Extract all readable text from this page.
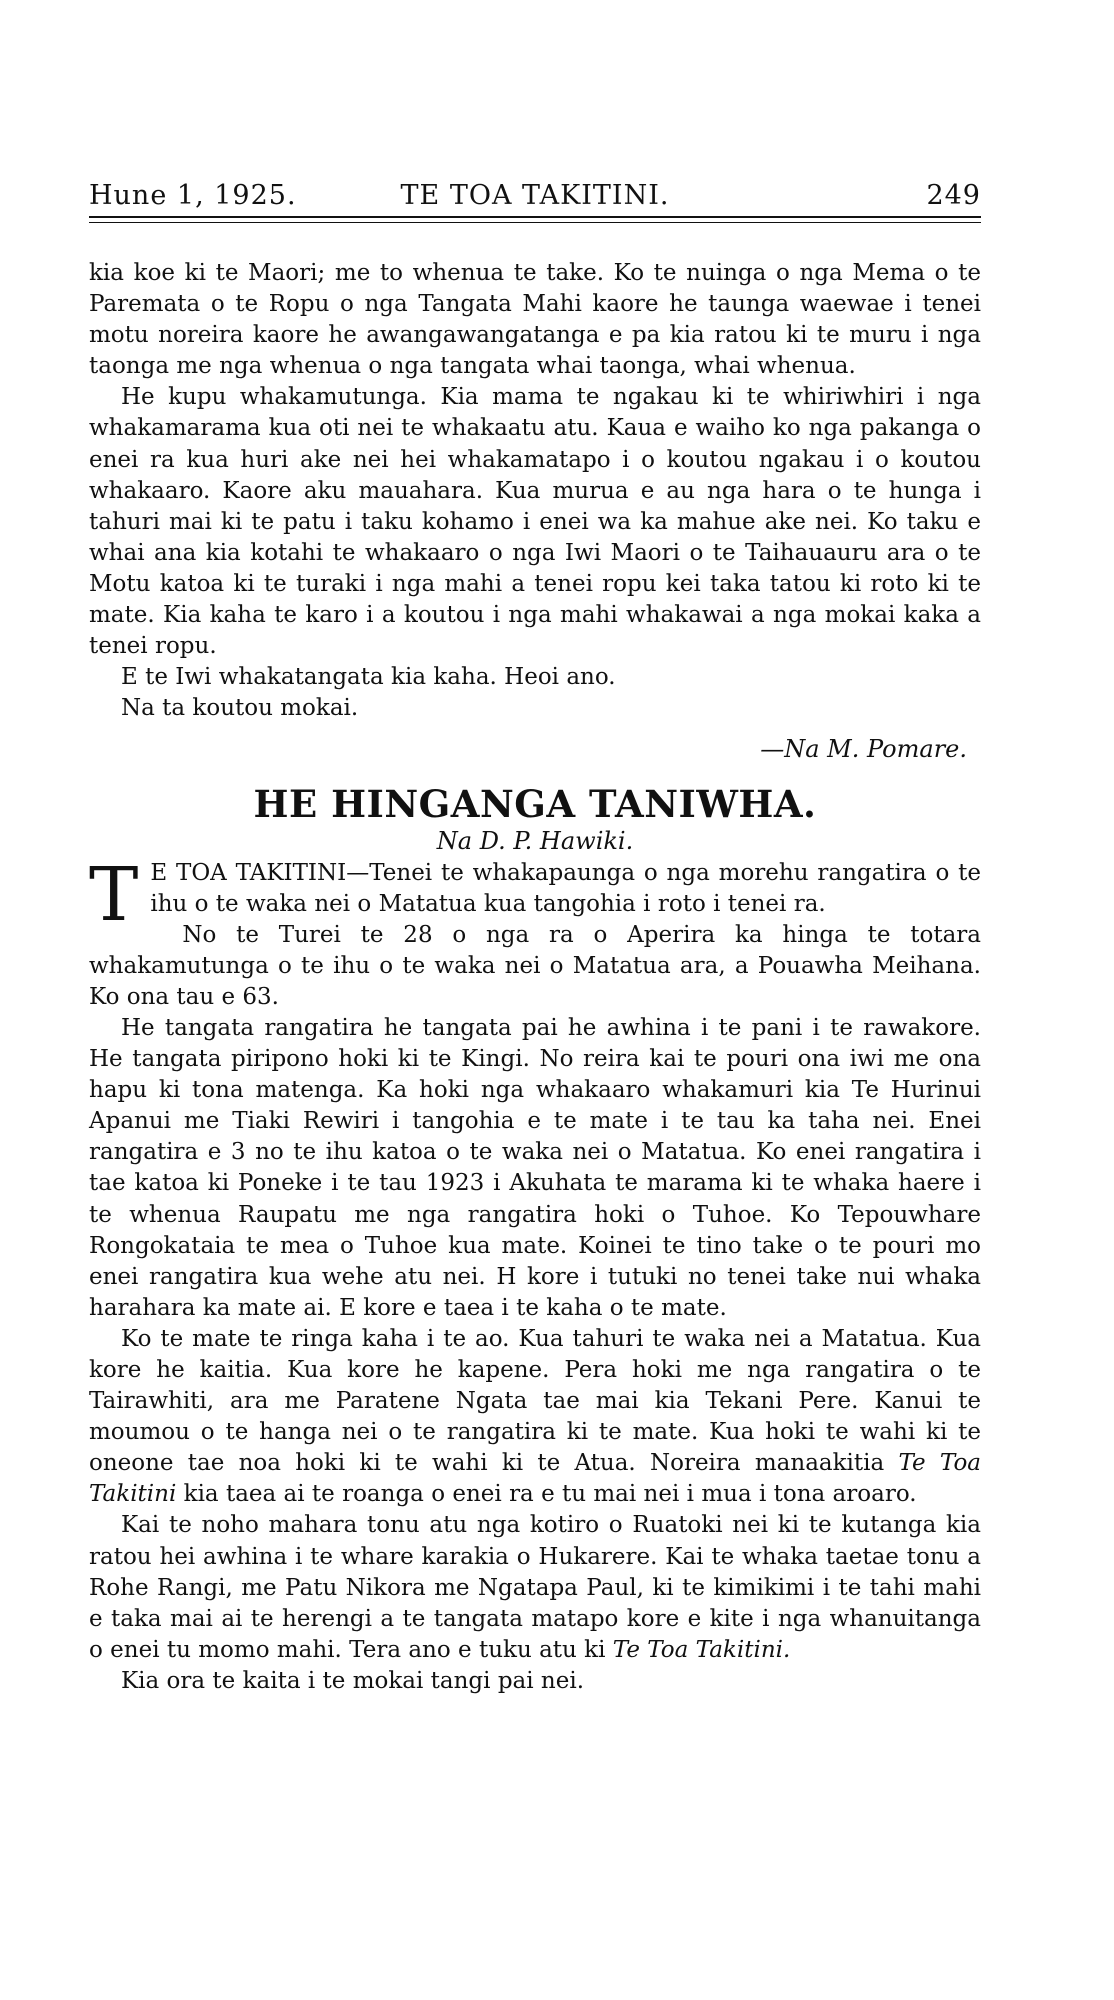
Hune 1, 1925.	TE TOA TAKITINI.	249

kia koe ki te Maori; me to whenua te take. Ko te nuinga o nga Mema o te Paremata o te Ropu o nga Tangata Mahi kaore he taunga waewae i tenei motu noreira kaore he awangawangatanga e pa kia ratou ki te muru i nga taonga me nga whenua o nga tangata whai taonga, whai whenua.

He kupu whakamutunga. Kia mama te ngakau ki te whiriwhiri i nga whakamarama kua oti nei te whakaatu atu. Kaua e waiho ko nga pakanga o enei ra kua huri ake nei hei whakamatapo i o koutou ngakau i o koutou whakaaro. Kaore aku mauahara. Kua murua e au nga hara o te hunga i tahuri mai ki te patu i taku kohamo i enei wa ka mahue ake nei. Ko taku e whai ana kia kotahi te whakaaro o nga Iwi Maori o te Taihauauru ara o te Motu katoa ki te turaki i nga mahi a tenei ropu kei taka tatou ki roto ki te mate. Kia kaha te karo i a koutou i nga mahi whakawai a nga mokai kaka a tenei ropu.

E te Iwi whakatangata kia kaha. Heoi ano.

Na ta koutou mokai.

—Na M. Pomare.

HE HINGANGA TANIWHA.

Na D. P. Hawiki.

T E TOA TAKITINI—Tenei te whakapaunga o nga morehu rangatira o te ihu o te waka nei o Matatua kua tangohia i roto i tenei ra.

No te Turei te 28 o nga ra o Aperira ka hinga te totara whakamutunga o te ihu o te waka nei o Matatua ara, a Pouawha Meihana. Ko ona tau e 63.

He tangata rangatira he tangata pai he awhina i te pani i te rawakore. He tangata piripono hoki ki te Kingi. No reira kai te pouri ona iwi me ona hapu ki tona matenga. Ka hoki nga whakaaro whakamuri kia Te Hurinui Apanui me Tiaki Rewiri i tangohia e te mate i te tau ka taha nei. Enei rangatira e 3 no te ihu katoa o te waka nei o Matatua. Ko enei rangatira i tae katoa ki Poneke i te tau 1923 i Akuhata te marama ki te whaka haere i te whenua Raupatu me nga rangatira hoki o Tuhoe. Ko Tepouwhare Rongokataia te mea o Tuhoe kua mate. Koinei te tino take o te pouri mo enei rangatira kua wehe atu nei. H kore i tutuki no tenei take nui whaka harahara ka mate ai. E kore e taea i te kaha o te mate.

Ko te mate te ringa kaha i te ao. Kua tahuri te waka nei a Matatua. Kua kore he kaitia. Kua kore he kapene. Pera hoki me nga rangatira o te Tairawhiti, ara me Paratene Ngata tae mai kia Tekani Pere. Kanui te moumou o te hanga nei o te rangatira ki te mate. Kua hoki te wahi ki te oneone tae noa hoki ki te wahi ki te Atua. Noreira manaakitia Te Toa Takitini kia taea ai te roanga o enei ra e tu mai nei i mua i tona aroaro.

Kai te noho mahara tonu atu nga kotiro o Ruatoki nei ki te kutanga kia ratou hei awhina i te whare karakia o Hukarere. Kai te whaka taetae tonu a Rohe Rangi, me Patu Nikora me Ngatapa Paul, ki te kimikimi i te tahi mahi e taka mai ai te herengi a te tangata matapo kore e kite i nga whanuitanga o enei tu momo mahi. Tera ano e tuku atu ki Te Toa Takitini.

Kia ora te kaita i te mokai tangi pai nei.
